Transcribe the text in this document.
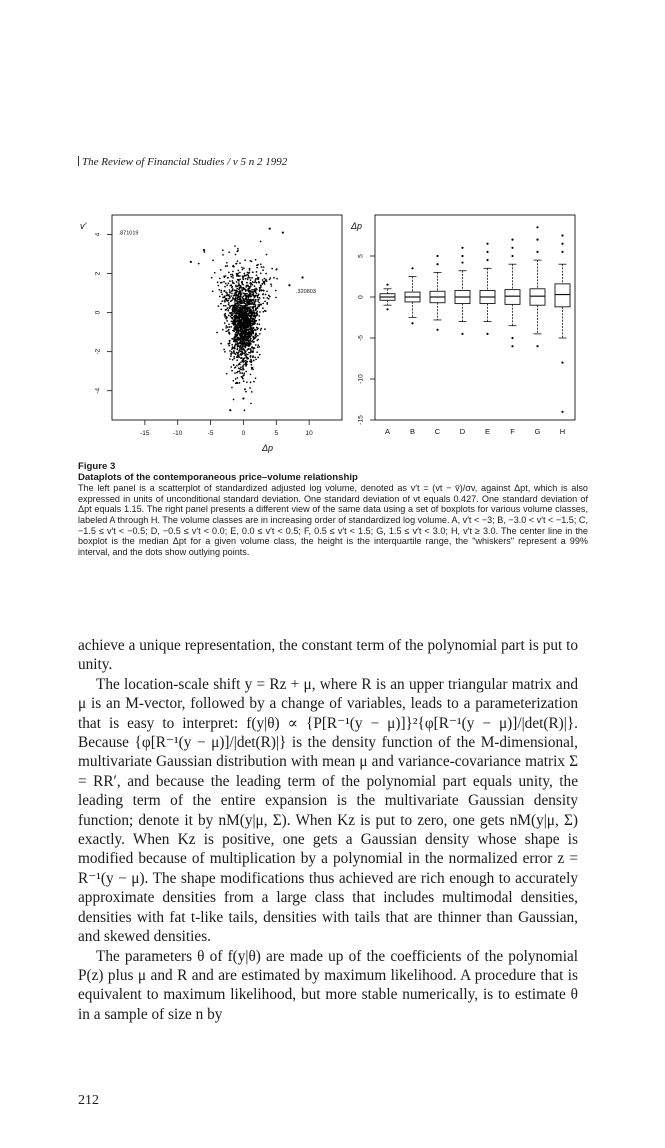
The Review of Financial Studies / v 5 n 2 1992
v'
Δp
-15	-10	-5	0	5	10
4
2
0
-2
-4
.871019
.320803
Δp
5
0
-5
-10
-15
A	B	C	D	E	F	G	H
Figure 3
Dataplots of the contemporaneous price–volume relationship
The left panel is a scatterplot of standardized adjusted log volume, denoted as v′t = (vt − v̄)/σv, against Δpt, which is also expressed in units of unconditional standard deviation. One standard deviation of vt equals 0.427. One standard deviation of Δpt equals 1.15. The right panel presents a different view of the same data using a set of boxplots for various volume classes, labeled A through H. The volume classes are in increasing order of standardized log volume. A, v′t < −3; B, −3.0 < v′t < −1.5; C, −1.5 ≤ v′t < −0.5; D, −0.5 ≤ v′t < 0.0; E, 0.0 ≤ v′t < 0.5; F, 0.5 ≤ v′t < 1.5; G, 1.5 ≤ v′t < 3.0; H, v′t ≥ 3.0. The center line in the boxplot is the median Δpt for a given volume class, the height is the interquartile range, the "whiskers" represent a 99% interval, and the dots show outlying points.

achieve a unique representation, the constant term of the polynomial part is put to unity.

The location-scale shift y = Rz + μ, where R is an upper triangular matrix and μ is an M-vector, followed by a change of variables, leads to a parameterization that is easy to interpret: f(y|θ) ∝ {P[R⁻¹(y − μ)]}²{φ[R⁻¹(y − μ)]/|det(R)|}. Because {φ[R⁻¹(y − μ)]/|det(R)|} is the density function of the M-dimensional, multivariate Gaussian distribution with mean μ and variance-covariance matrix Σ = RR′, and because the leading term of the polynomial part equals unity, the leading term of the entire expansion is the multivariate Gaussian density function; denote it by nM(y|μ, Σ). When Kz is put to zero, one gets nM(y|μ, Σ) exactly. When Kz is positive, one gets a Gaussian density whose shape is modified because of multiplication by a polynomial in the normalized error z = R⁻¹(y − μ). The shape modifications thus achieved are rich enough to accurately approximate densities from a large class that includes multimodal densities, densities with fat t-like tails, densities with tails that are thinner than Gaussian, and skewed densities.

The parameters θ of f(y|θ) are made up of the coefficients of the polynomial P(z) plus μ and R and are estimated by maximum likelihood. A procedure that is equivalent to maximum likelihood, but more stable numerically, is to estimate θ in a sample of size n by

212
